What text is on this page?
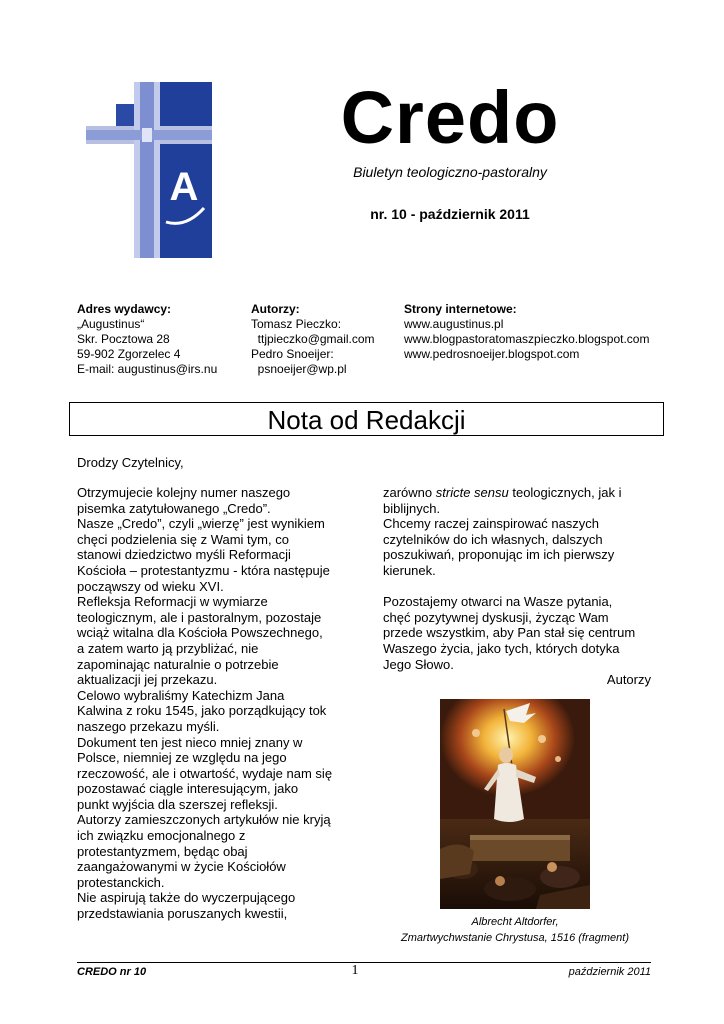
A
Credo
Biuletyn teologiczno-pastoralny
nr. 10 - październik 2011
Adres wydawcy:
„Augustinus“
Skr. Pocztowa 28
59-902 Zgorzelec 4
E-mail: augustinus@irs.nu
Autorzy:
Tomasz Pieczko:
ttjpieczko@gmail.com
Pedro Snoeijer:
psnoeijer@wp.pl
Strony internetowe:
www.augustinus.pl
www.blogpastoratomaszpieczko.blogspot.com
www.pedrosnoeijer.blogspot.com
Nota od Redakcji
Drodzy Czytelnicy,
Otrzymujecie kolejny numer naszego
pisemka zatytułowanego „Credo”.
Nasze „Credo”, czyli „wierzę” jest wynikiem
chęci podzielenia się z Wami tym, co
stanowi dziedzictwo myśli Reformacji
Kościoła – protestantyzmu - która następuje
począwszy od wieku XVI.
Refleksja Reformacji w wymiarze
teologicznym, ale i pastoralnym, pozostaje
wciąż witalna dla Kościoła Powszechnego,
a zatem warto ją przybliżać, nie
zapominając naturalnie o potrzebie
aktualizacji jej przekazu.
Celowo wybraliśmy Katechizm Jana
Kalwina z roku 1545, jako porządkujący tok
naszego przekazu myśli.
Dokument ten jest nieco mniej znany w
Polsce, niemniej ze względu na jego
rzeczowość, ale i otwartość, wydaje nam się
pozostawać ciągle interesującym, jako
punkt wyjścia dla szerszej refleksji.
Autorzy zamieszczonych artykułów nie kryją
ich związku emocjonalnego z
protestantyzmem, będąc obaj
zaangażowanymi w życie Kościołów
protestanckich.
Nie aspirują także do wyczerpującego
przedstawiania poruszanych kwestii,
zarówno stricte sensu teologicznych, jak i
biblijnych.
Chcemy raczej zainspirować naszych
czytelników do ich własnych, dalszych
poszukiwań, proponując im ich pierwszy
kierunek.
Pozostajemy otwarci na Wasze pytania,
chęć pozytywnej dyskusji, życząc Wam
przede wszystkim, aby Pan stał się centrum
Waszego życia, jako tych, których dotyka
Jego Słowo.
Autorzy
Albrecht Altdorfer,
Zmartwychwstanie Chrystusa, 1516 (fragment)
CREDO nr 10	1	październik 2011
